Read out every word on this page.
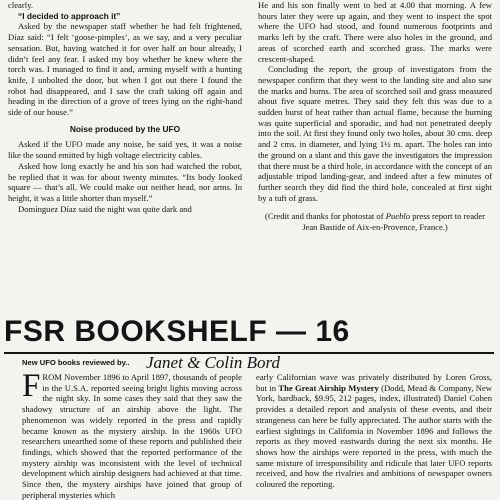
clearly.

“I decided to approach it”

Asked by the newspaper staff whether he had felt frightened, Díaz said: “I felt ‘goose-pimples’, as we say, and a very peculiar sensation. But, having watched it for over half an hour already, I didn’t feel any fear. I asked my boy whether he knew where the torch was. I managed to find it and, arming myself with a hunting knife, I unbolted the door, but when I got out there I found the robot had disappeared, and I saw the craft taking off again and heading in the direction of a grove of trees lying on the right-hand side of our house.”

Noise produced by the UFO

Asked if the UFO made any noise, he said yes, it was a noise like the sound emitted by high voltage electricity cables.

Asked how long exactly he and his son had watched the robot, he replied that it was for about twenty minutes. “Its body looked square — that’s all. We could make out neither head, nor arms. In height, it was a little shorter than myself.”

Domínguez Díaz said the night was quite dark and

He and his son finally went to bed at 4.00 that morning. A few hours later they were up again, and they went to inspect the spot where the UFO had stood, and found numerous footprints and marks left by the craft. There were also holes in the ground, and areas of scorched earth and scorched grass. The marks were crescent-shaped.

Concluding the report, the group of investigators from the newspaper confirm that they went to the landing site and also saw the marks and burns. The area of scorched soil and grass measured about five square metres. They said they felt this was due to a sudden burst of heat rather than actual flame, because the burning was quite superficial and sporadic, and had not penetrated deeply into the soil. At first they found only two holes, about 30 cms. deep and 2 cms. in diameter, and lying 1½ m. apart. The holes ran into the ground on a slant and this gave the investigators the impression that there must be a third hole, in accordance with the concept of an adjustable tripod landing-gear, and indeed after a few minutes of further search they did find the third hole, concealed at first sight by a tuft of grass.

(Credit and thanks for photostat of Pueblo press report to reader Jean Bastide of Aix-en-Provence, France.)

FSR BOOKSHELF — 16
New UFO books reviewed by.. Janet & Colin Bord

FROM November 1896 to April 1897, thousands of people in the U.S.A. reported seeing bright lights moving across the night sky. In some cases they said that they saw the shadowy structure of an airship above the light. The phenomenon was widely reported in the press and rapidly became known as the mystery airship. In the 1960s UFO researchers unearthed some of these reports and published their findings, which showed that the reported performance of the mystery airship was inconsistent with the level of technical development which airship designers had achieved at that time. Since then, the mystery airships have joined that group of peripheral mysteries which

early Californian wave was privately distributed by Loren Gross, but in The Great Airship Mystery (Dodd, Mead & Company, New York, hardback, $9.95, 212 pages, index, illustrated) Daniel Cohen provides a detailed report and analysis of these events, and their strangeness can here be fully appreciated. The author starts with the earliest sightings in California in November 1896 and follows the reports as they moved eastwards during the next six months. He shows how the airships were reported in the press, with much the same mixture of irresponsibility and ridicule that later UFO reports received, and how the rivalries and ambitions of newspaper owners coloured the reporting.
